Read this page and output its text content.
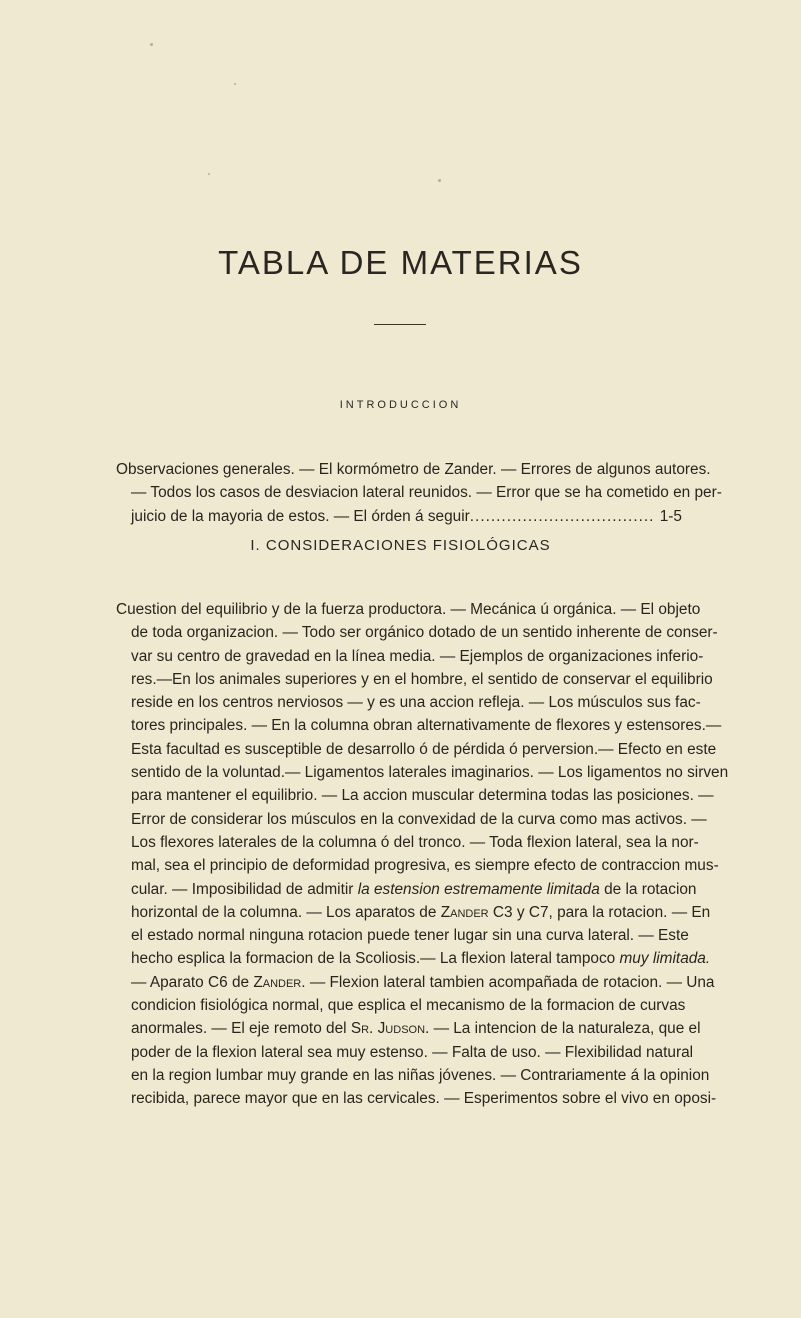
TABLA DE MATERIAS
INTRODUCCION
Observaciones generales. — El kormómetro de Zander. — Errores de algunos autores.
— Todos los casos de desviacion lateral reunidos. — Error que se ha cometido en per-
juicio de la mayoria de estos. — El órden á seguir
.....	1-5
I. CONSIDERACIONES FISIOLÓGICAS
Cuestion del equilibrio y de la fuerza productora. — Mecánica ú orgánica. — El objeto
de toda organizacion. — Todo ser orgánico dotado de un sentido inherente de conser-
var su centro de gravedad en la línea media. — Ejemplos de organizaciones inferio-
res.—En los animales superiores y en el hombre, el sentido de conservar el equilibrio
reside en los centros nerviosos — y es una accion refleja. — Los músculos sus fac-
tores principales. — En la columna obran alternativamente de flexores y estensores.—
Esta facultad es susceptible de desarrollo ó de pérdida ó perversion.— Efecto en este
sentido de la voluntad.— Ligamentos laterales imaginarios. — Los ligamentos no sirven
para mantener el equilibrio. — La accion muscular determina todas las posiciones. —
Error de considerar los músculos en la convexidad de la curva como mas activos. —
Los flexores laterales de la columna ó del tronco. — Toda flexion lateral, sea la nor-
mal, sea el principio de deformidad progresiva, es siempre efecto de contraccion mus-
cular. — Imposibilidad de admitir la estension estremamente limitada de la rotacion
horizontal de la columna. — Los aparatos de Zander C3 y C7, para la rotacion. — En
el estado normal ninguna rotacion puede tener lugar sin una curva lateral. — Este
hecho esplica la formacion de la Scoliosis.— La flexion lateral tampoco muy limitada.
— Aparato C6 de Zander. — Flexion lateral tambien acompañada de rotacion. — Una
condicion fisiológica normal, que esplica el mecanismo de la formacion de curvas
anormales. — El eje remoto del Sr. Judson. — La intencion de la naturaleza, que el
poder de la flexion lateral sea muy estenso. — Falta de uso. — Flexibilidad natural
en la region lumbar muy grande en las niñas jóvenes. — Contrariamente á la opinion
recibida, parece mayor que en las cervicales. — Esperimentos sobre el vivo en oposi-
